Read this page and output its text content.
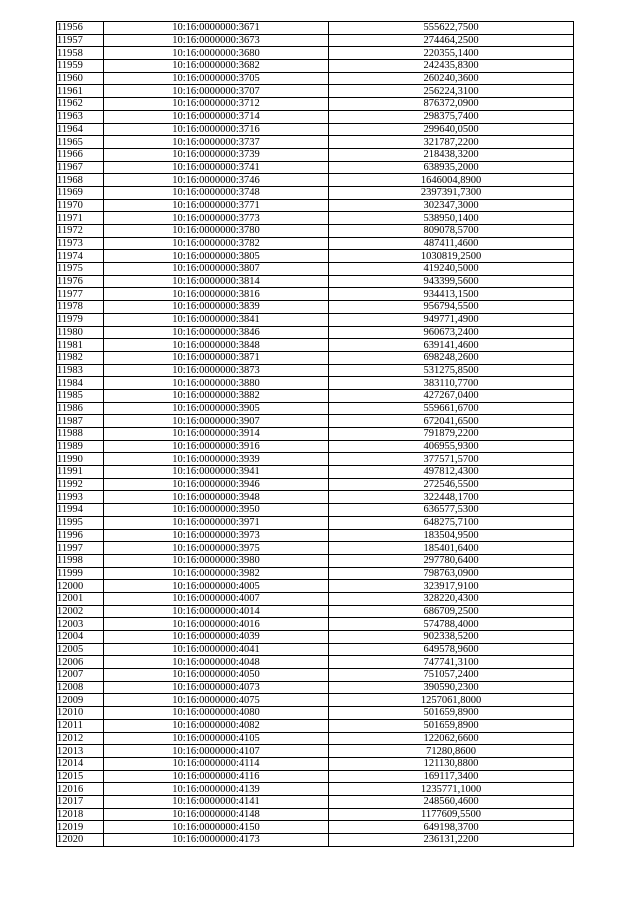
11956	10:16:0000000:3671	555622,7500
11957	10:16:0000000:3673	274464,2500
11958	10:16:0000000:3680	220355,1400
11959	10:16:0000000:3682	242435,8300
11960	10:16:0000000:3705	260240,3600
11961	10:16:0000000:3707	256224,3100
11962	10:16:0000000:3712	876372,0900
11963	10:16:0000000:3714	298375,7400
11964	10:16:0000000:3716	299640,0500
11965	10:16:0000000:3737	321787,2200
11966	10:16:0000000:3739	218438,3200
11967	10:16:0000000:3741	638935,2000
11968	10:16:0000000:3746	1646004,8900
11969	10:16:0000000:3748	2397391,7300
11970	10:16:0000000:3771	302347,3000
11971	10:16:0000000:3773	538950,1400
11972	10:16:0000000:3780	809078,5700
11973	10:16:0000000:3782	487411,4600
11974	10:16:0000000:3805	1030819,2500
11975	10:16:0000000:3807	419240,5000
11976	10:16:0000000:3814	943399,5600
11977	10:16:0000000:3816	934413,1500
11978	10:16:0000000:3839	956794,5500
11979	10:16:0000000:3841	949771,4900
11980	10:16:0000000:3846	960673,2400
11981	10:16:0000000:3848	639141,4600
11982	10:16:0000000:3871	698248,2600
11983	10:16:0000000:3873	531275,8500
11984	10:16:0000000:3880	383110,7700
11985	10:16:0000000:3882	427267,0400
11986	10:16:0000000:3905	559661,6700
11987	10:16:0000000:3907	672041,6500
11988	10:16:0000000:3914	791879,2200
11989	10:16:0000000:3916	406955,9300
11990	10:16:0000000:3939	377571,5700
11991	10:16:0000000:3941	497812,4300
11992	10:16:0000000:3946	272546,5500
11993	10:16:0000000:3948	322448,1700
11994	10:16:0000000:3950	636577,5300
11995	10:16:0000000:3971	648275,7100
11996	10:16:0000000:3973	183504,9500
11997	10:16:0000000:3975	185401,6400
11998	10:16:0000000:3980	297780,6400
11999	10:16:0000000:3982	798763,0900
12000	10:16:0000000:4005	323917,9100
12001	10:16:0000000:4007	328220,4300
12002	10:16:0000000:4014	686709,2500
12003	10:16:0000000:4016	574788,4000
12004	10:16:0000000:4039	902338,5200
12005	10:16:0000000:4041	649578,9600
12006	10:16:0000000:4048	747741,3100
12007	10:16:0000000:4050	751057,2400
12008	10:16:0000000:4073	390590,2300
12009	10:16:0000000:4075	1257061,8000
12010	10:16:0000000:4080	501659,8900
12011	10:16:0000000:4082	501659,8900
12012	10:16:0000000:4105	122062,6600
12013	10:16:0000000:4107	71280,8600
12014	10:16:0000000:4114	121130,8800
12015	10:16:0000000:4116	169117,3400
12016	10:16:0000000:4139	1235771,1000
12017	10:16:0000000:4141	248560,4600
12018	10:16:0000000:4148	1177609,5500
12019	10:16:0000000:4150	649198,3700
12020	10:16:0000000:4173	236131,2200
